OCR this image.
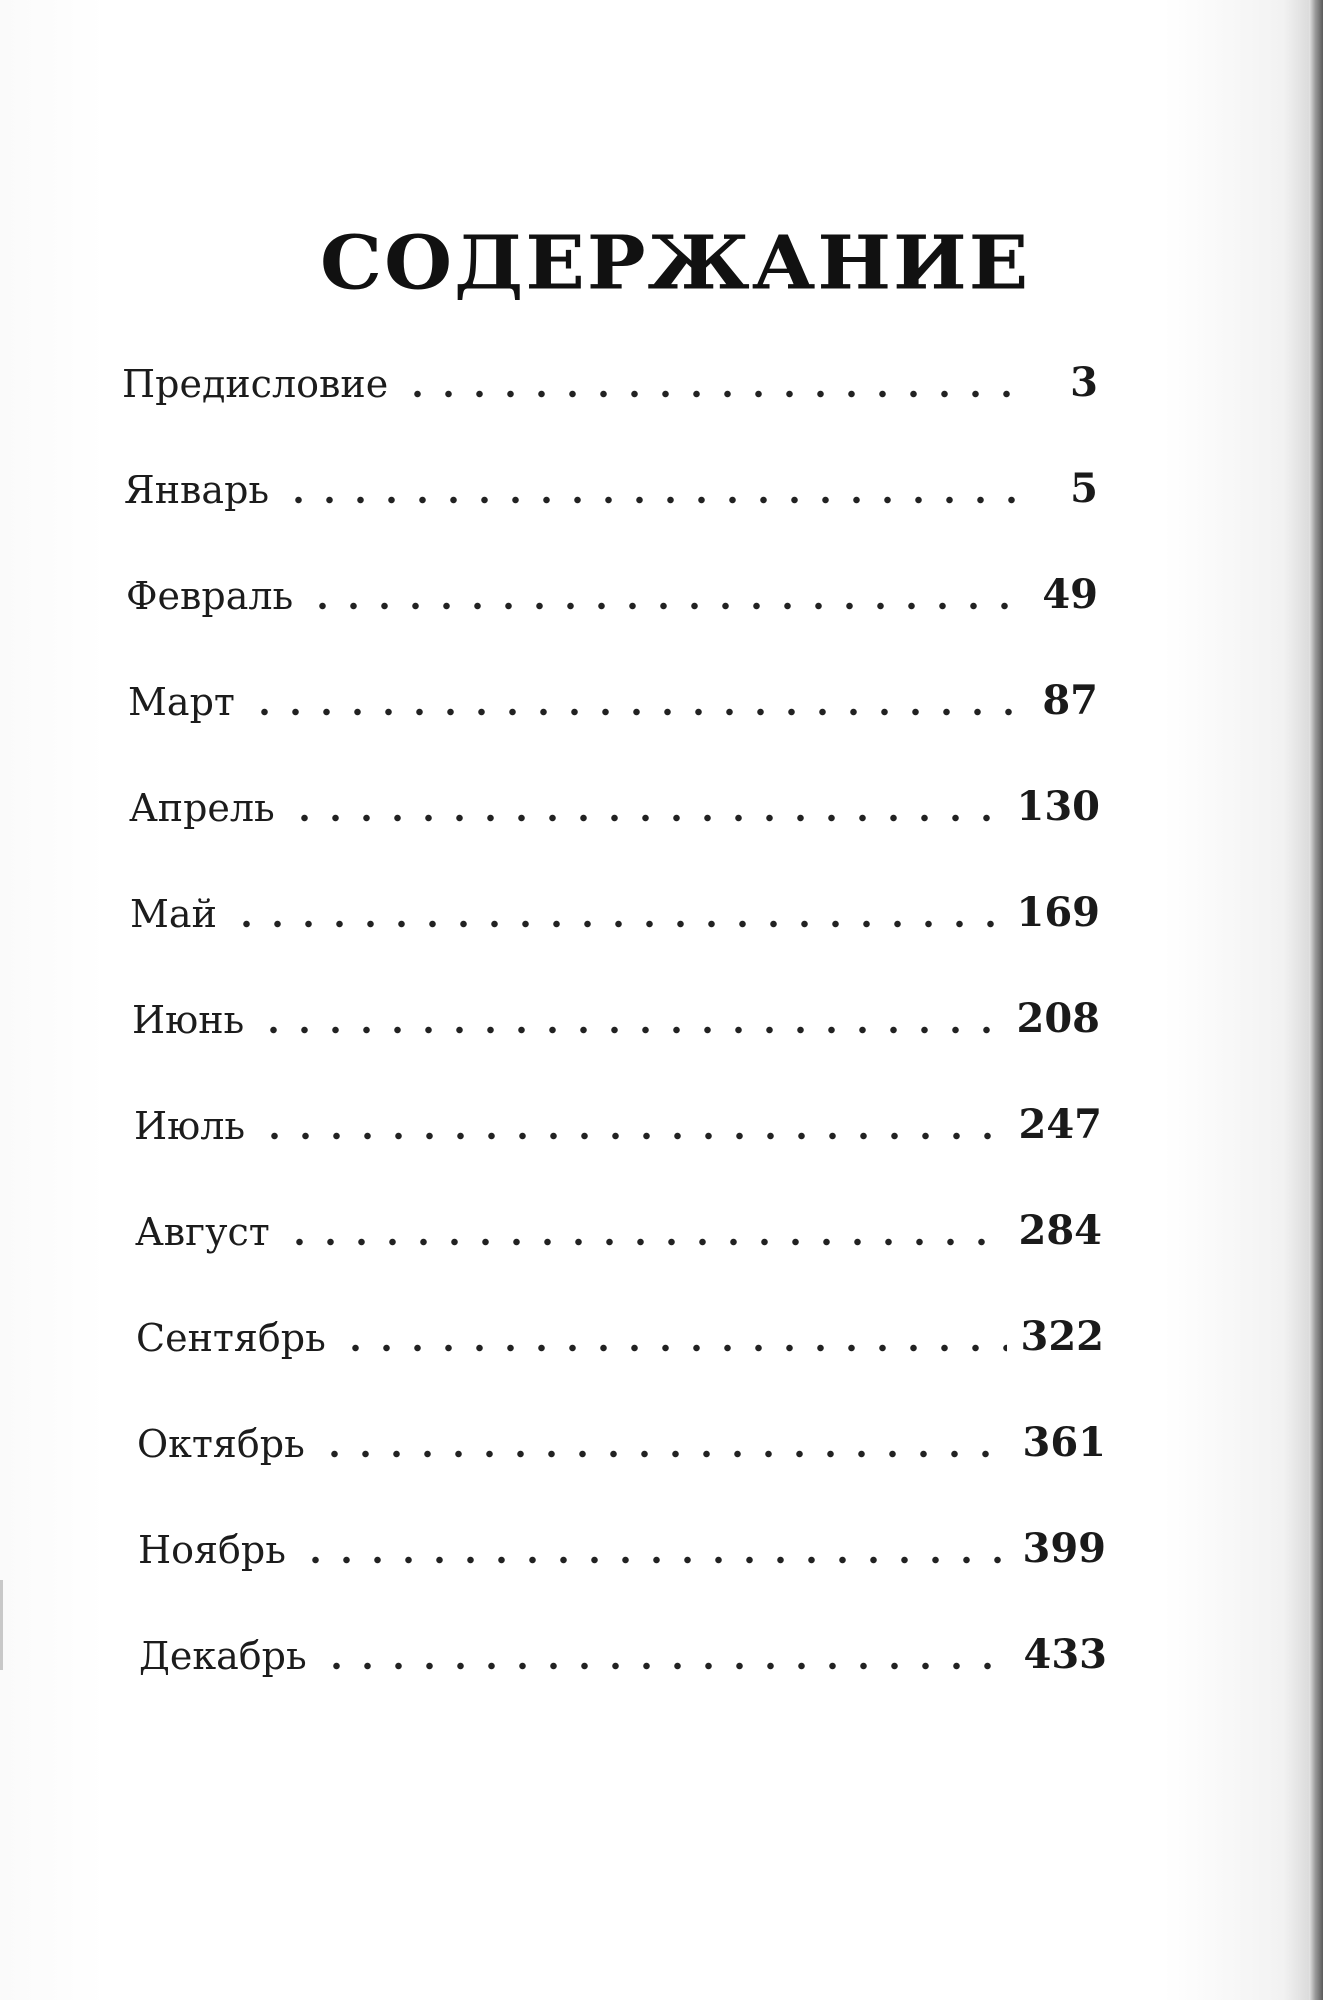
СОДЕРЖАНИЕ
Предисловие	3
Январь	5
Февраль	49
Март	87
Апрель	130
Май	169
Июнь	208
Июль	247
Август	284
Сентябрь	322
Октябрь	361
Ноябрь	399
Декабрь	433
